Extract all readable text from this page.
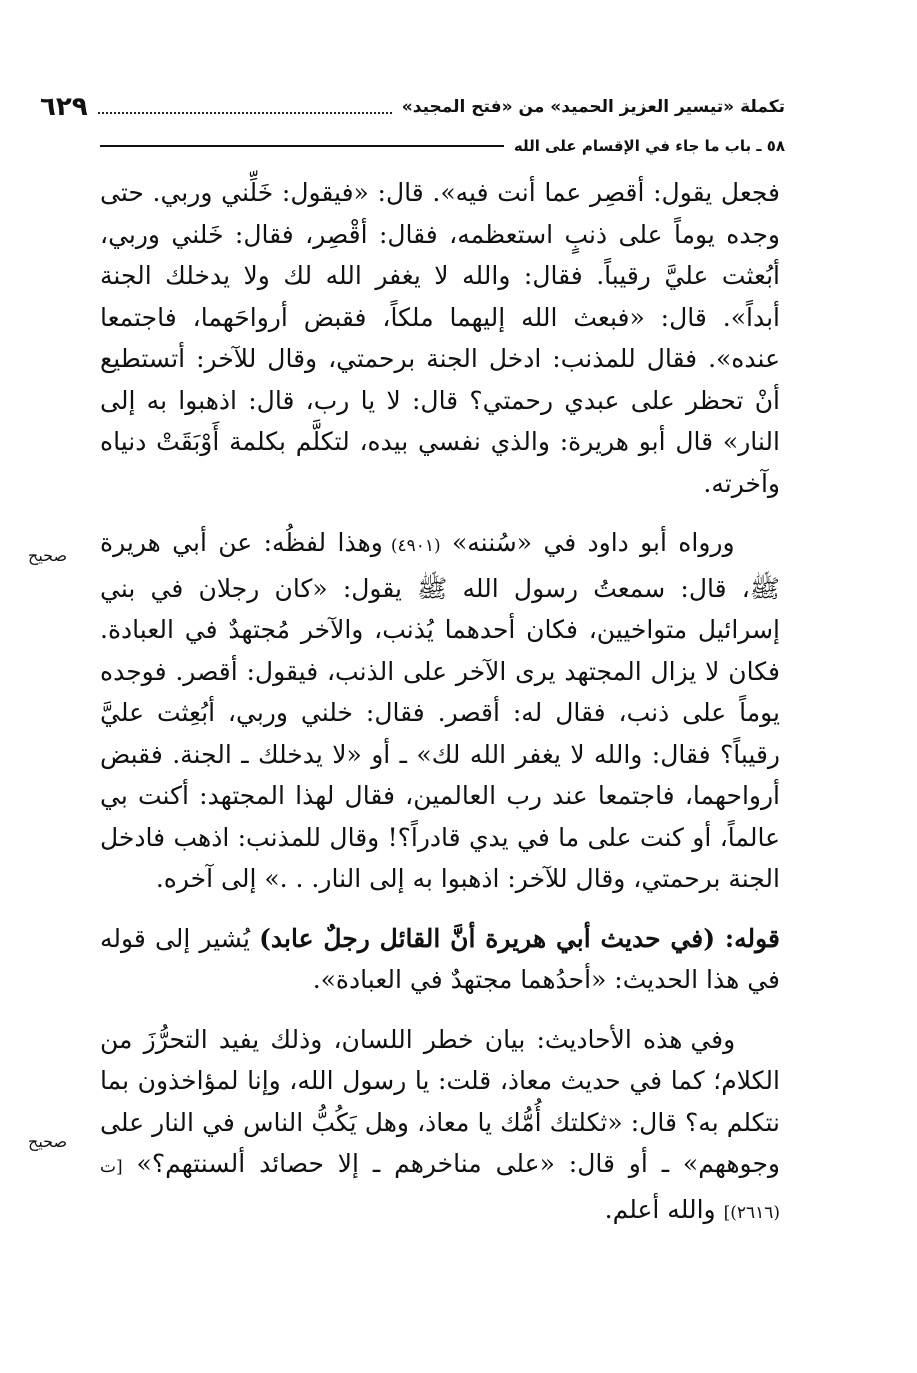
تكملة «تيسير العزيز الحميد» من «فتح المجيد»
٦٢٩
٥٨ ـ باب ما جاء في الإقسام على الله
صحيح
صحيح

فجعل يقول: أقصِر عما أنت فيه». قال: «فيقول: خَلِّني وربي. حتى وجده يوماً على ذنبٍ استعظمه، فقال: أقْصِر، فقال: خَلني وربي، أبُعثت عليَّ رقيباً. فقال: والله لا يغفر الله لك ولا يدخلك الجنة أبداً». قال: «فبعث الله إليهما ملكاً، فقبض أرواحَهما، فاجتمعا عنده». فقال للمذنب: ادخل الجنة برحمتي، وقال للآخر: أتستطيع أنْ تحظر على عبدي رحمتي؟ قال: لا يا رب، قال: اذهبوا به إلى النار» قال أبو هريرة: والذي نفسي بيده، لتكلَّم بكلمة أَوْبَقَتْ دنياه وآخرته.

ورواه أبو داود في «سُننه» (٤٩٠١) وهذا لفظُه: عن أبي هريرة ﷺ، قال: سمعتُ رسول الله ﷺ يقول: «كان رجلان في بني إسرائيل متواخيين، فكان أحدهما يُذنب، والآخر مُجتهدٌ في العبادة. فكان لا يزال المجتهد يرى الآخر على الذنب، فيقول: أقصر. فوجده يوماً على ذنب، فقال له: أقصر. فقال: خلني وربي، أبُعِثت عليَّ رقيباً؟ فقال: والله لا يغفر الله لك» ـ أو «لا يدخلك ـ الجنة. فقبض أرواحهما، فاجتمعا عند رب العالمين، فقال لهذا المجتهد: أكنت بي عالماً، أو كنت على ما في يدي قادراً؟! وقال للمذنب: اذهب فادخل الجنة برحمتي، وقال للآخر: اذهبوا به إلى النار. . .» إلى آخره.

قوله: (في حديث أبي هريرة أنَّ القائل رجلٌ عابد) يُشير إلى قوله في هذا الحديث: «أحدُهما مجتهدٌ في العبادة».

وفي هذه الأحاديث: بيان خطر اللسان، وذلك يفيد التحرُّزَ من الكلام؛ كما في حديث معاذ، قلت: يا رسول الله، وإنا لمؤاخذون بما نتكلم به؟ قال: «ثكلتك أُمُّك يا معاذ، وهل يَكُبُّ الناس في النار على وجوههم» ـ أو قال: «على مناخرهم ـ إلا حصائد ألسنتهم؟» [ت (٢٦١٦)] والله أعلم.
